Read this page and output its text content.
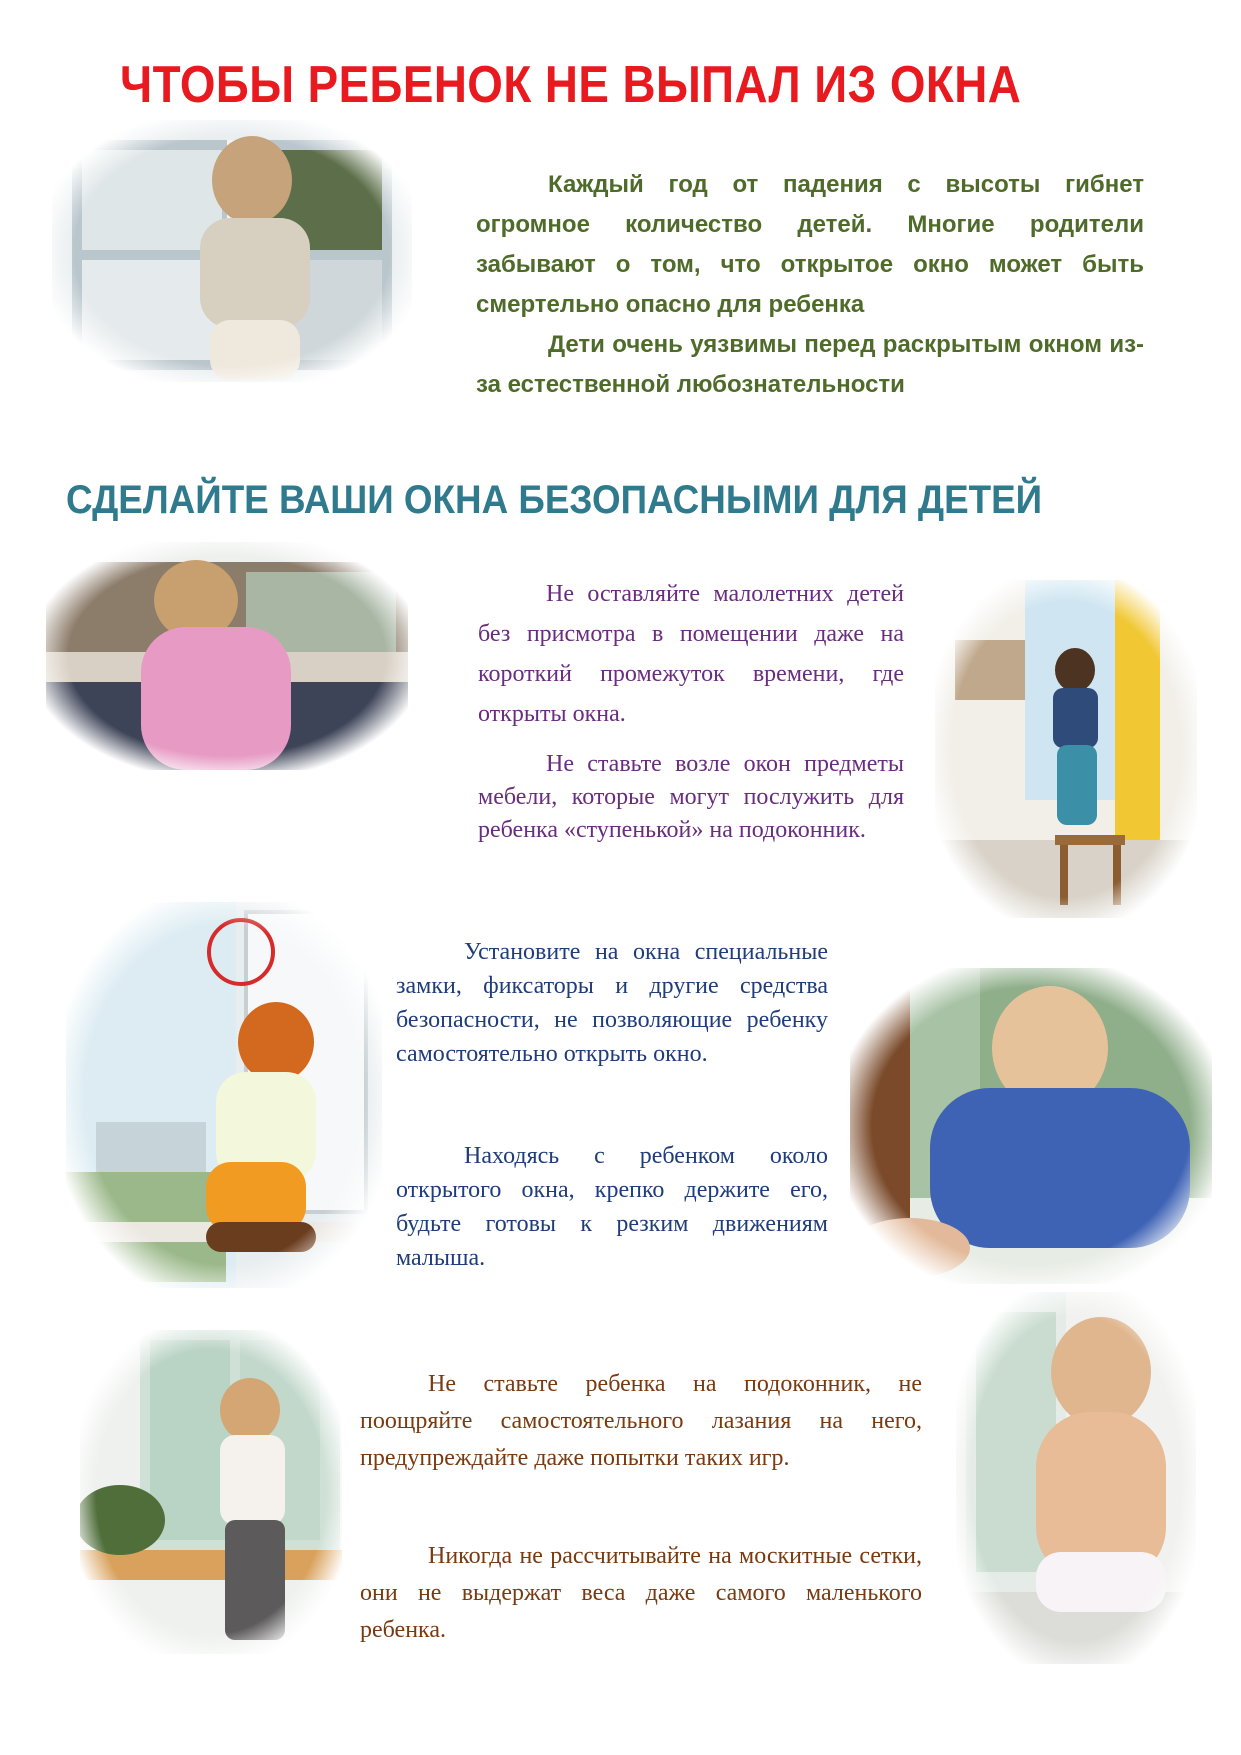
ЧТОБЫ РЕБЕНОК НЕ ВЫПАЛ ИЗ ОКНА

Каждый год от падения с высоты гибнет огромное количество детей. Многие родители забывают о том, что открытое окно может быть смертельно опасно для ребенка

Дети очень уязвимы перед раскрытым окном из-за естественной любознательности

СДЕЛАЙТЕ ВАШИ ОКНА БЕЗОПАСНЫМИ ДЛЯ ДЕТЕЙ

Не оставляйте малолетних детей без присмотра в помещении даже на короткий промежуток времени, где открыты окна.

Не ставьте возле окон предметы мебели, которые могут послужить для ребенка «ступенькой» на подоконник.

Установите на окна специальные замки, фиксаторы и другие средства безопасности, не позволяющие ребенку самостоятельно открыть окно.

Находясь с ребенком около открытого окна, крепко держите его, будьте готовы к резким движениям малыша.

Не ставьте ребенка на подоконник, не поощряйте самостоятельного лазания на него, предупреждайте даже попытки таких игр.

Никогда не рассчитывайте на москитные сетки, они не выдержат веса даже самого маленького ребенка.
